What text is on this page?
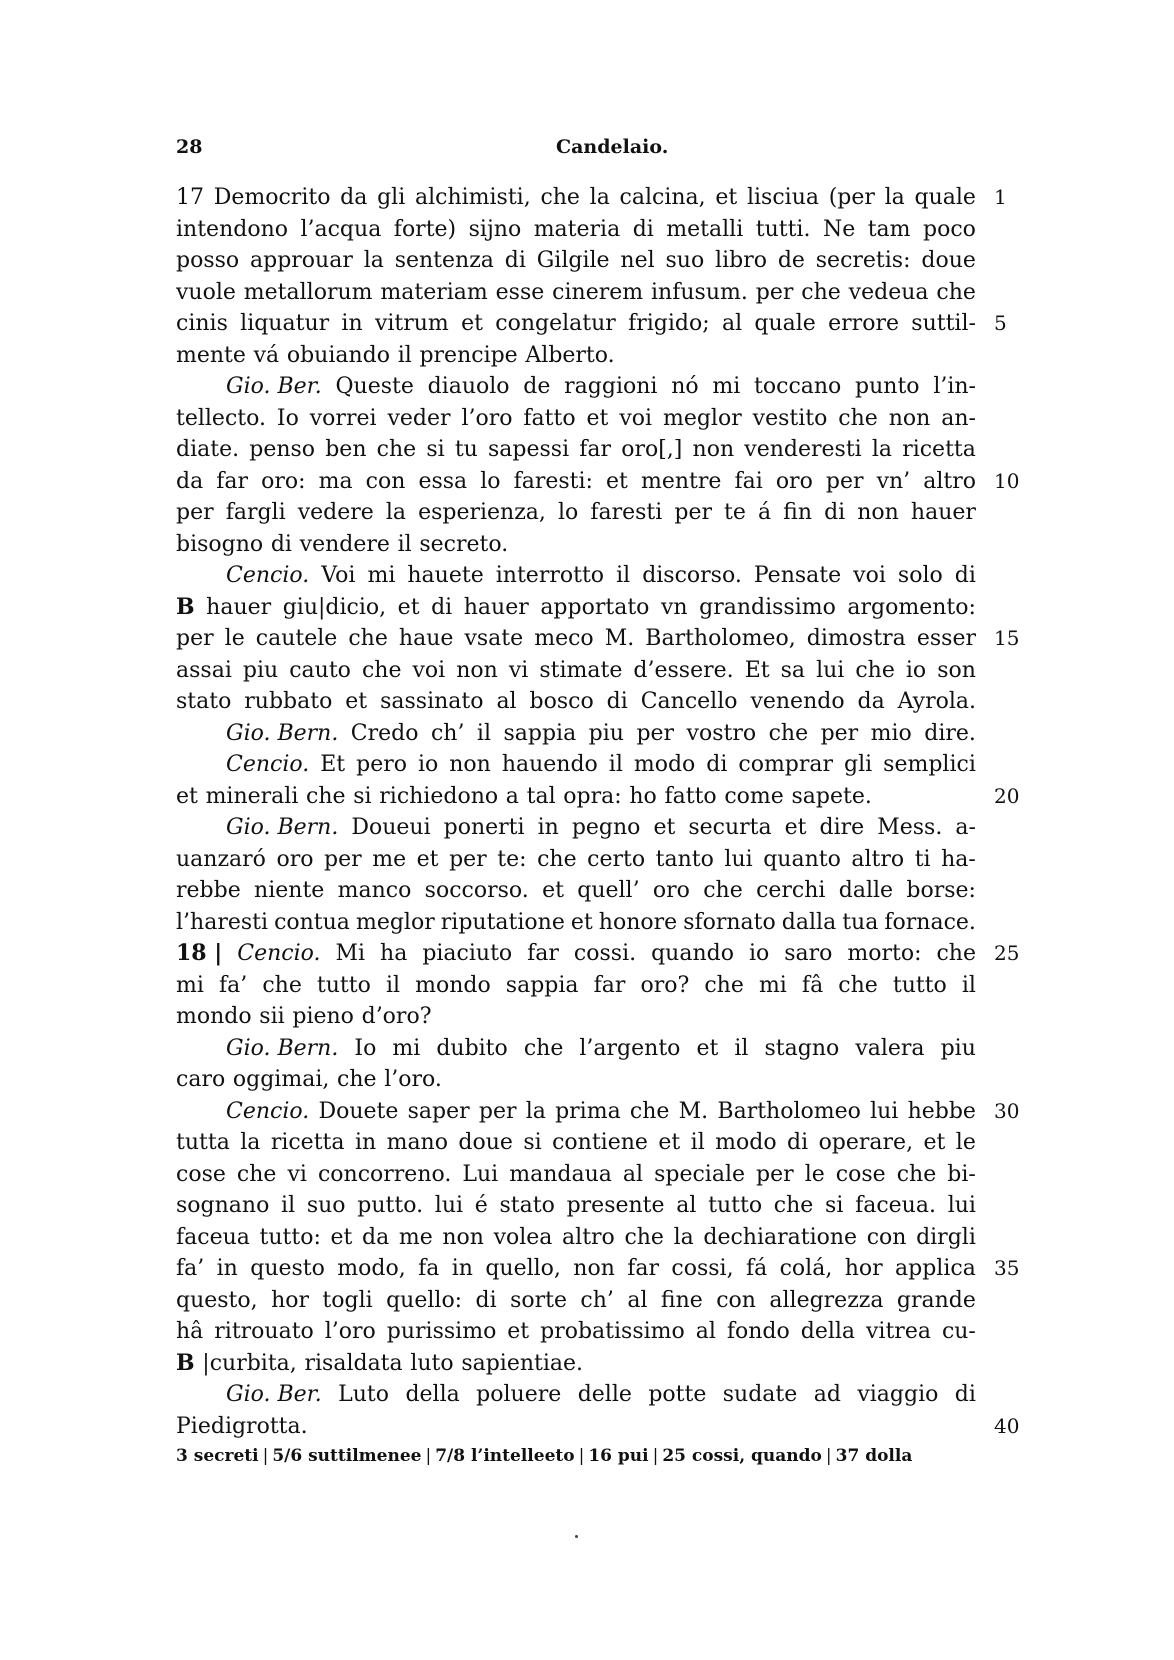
28	Candelaio.
17 Democrito da gli alchimisti, che la calcina, et lisciua (per la quale 1
intendono l’acqua forte) sijno materia di metalli tutti. Ne tam poco
posso approuar la sentenza di Gilgile nel suo libro de secretis: doue
vuole metallorum materiam esse cinerem infusum. per che vedeua che
cinis liquatur in vitrum et congelatur frigido; al quale errore suttil- 5
mente vá obuiando il prencipe Alberto.
Gio. Ber. Queste diauolo de raggioni nó mi toccano punto l’in-
tellecto. Io vorrei veder l’oro fatto et voi meglor vestito che non an-
diate. penso ben che si tu sapessi far oro[,] non venderesti la ricetta
da far oro: ma con essa lo faresti: et mentre fai oro per vn’ altro 10
per fargli vedere la esperienza, lo faresti per te á fin di non hauer
bisogno di vendere il secreto.
Cencio. Voi mi hauete interrotto il discorso. Pensate voi solo di
B hauer giu|dicio, et di hauer apportato vn grandissimo argomento:
per le cautele che haue vsate meco M. Bartholomeo, dimostra esser 15
assai piu cauto che voi non vi stimate d’essere. Et sa lui che io son
stato rubbato et sassinato al bosco di Cancello venendo da Ayrola.
Gio. Bern. Credo ch’ il sappia piu per vostro che per mio dire.
Cencio. Et pero io non hauendo il modo di comprar gli semplici
et minerali che si richiedono a tal opra: ho fatto come sapete.	20
Gio. Bern. Doueui ponerti in pegno et securta et dire Mess. a-
uanzaró oro per me et per te: che certo tanto lui quanto altro ti ha-
rebbe niente manco soccorso. et quell’ oro che cerchi dalle borse:
l’haresti contua meglor riputatione et honore sfornato dalla tua fornace.
18 | Cencio. Mi ha piaciuto far cossi. quando io saro morto: che 25
mi fa’ che tutto il mondo sappia far oro? che mi fâ che tutto il
mondo sii pieno d’oro?
Gio. Bern. Io mi dubito che l’argento et il stagno valera piu
caro oggimai, che l’oro.
Cencio. Douete saper per la prima che M. Bartholomeo lui hebbe 30
tutta la ricetta in mano doue si contiene et il modo di operare, et le
cose che vi concorreno. Lui mandaua al speciale per le cose che bi-
sognano il suo putto. lui é stato presente al tutto che si faceua. lui
faceua tutto: et da me non volea altro che la dechiaratione con dirgli
fa’ in questo modo, fa in quello, non far cossi, fá colá, hor applica 35
questo, hor togli quello: di sorte ch’ al fine con allegrezza grande
hâ ritrouato l’oro purissimo et probatissimo al fondo della vitrea cu-
B |curbita, risaldata luto sapientiae.
Gio. Ber. Luto della poluere delle potte sudate ad viaggio di
Piedigrotta.	40
3 secreti | 5/6 suttilmenee | 7/8 l’intelleeto | 16 pui | 25 cossi, quando | 37 dolla
